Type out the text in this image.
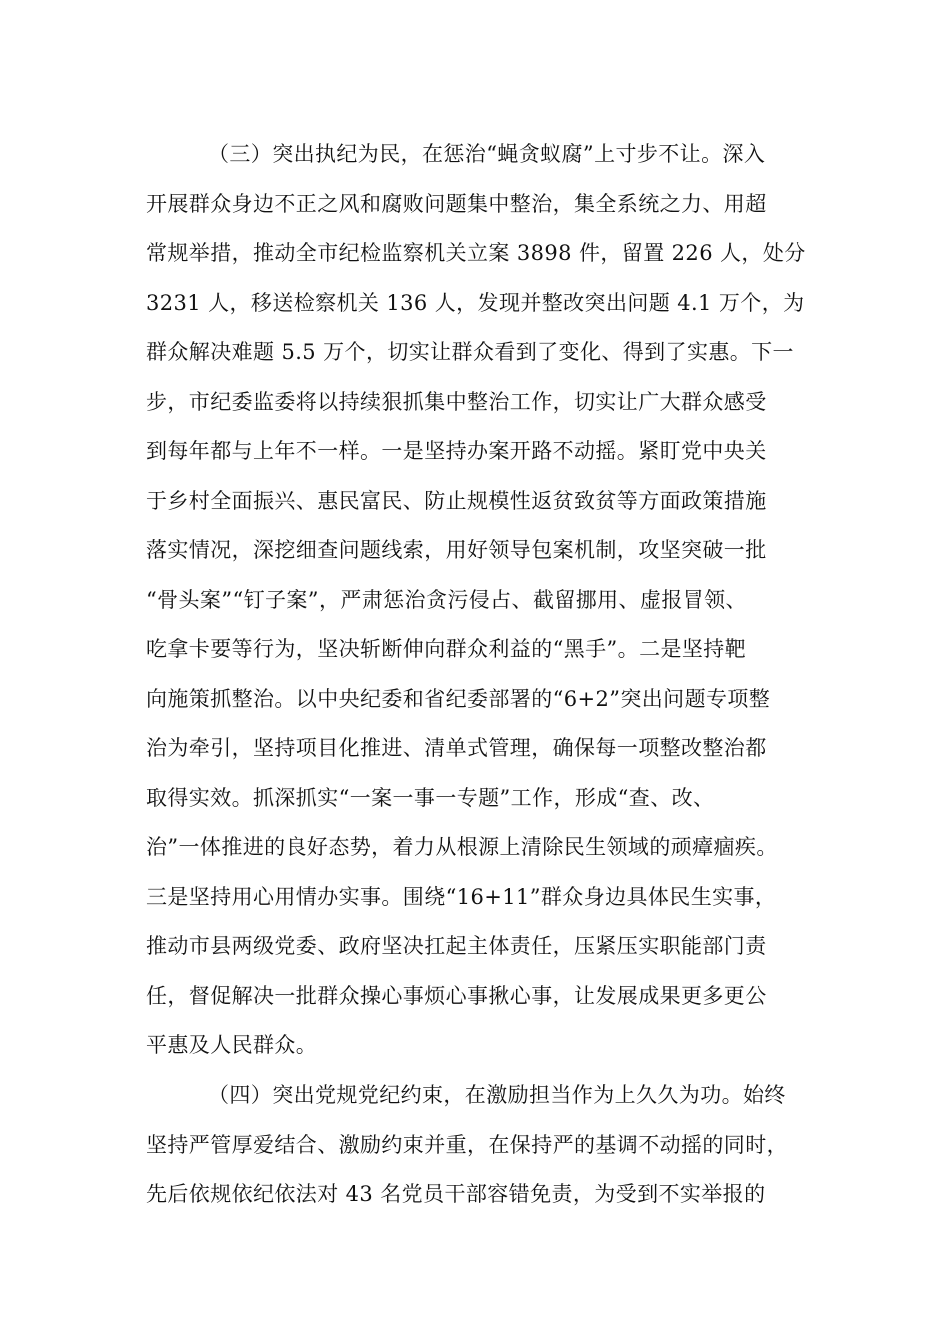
（三）突出执纪为民，在惩治“蝇贪蚁腐”上寸步不让。深入
开展群众身边不正之风和腐败问题集中整治，集全系统之力、用超
常规举措，推动全市纪检监察机关立案 3898 件，留置 226 人，处分
3231 人，移送检察机关 136 人，发现并整改突出问题 4.1 万个，为
群众解决难题 5.5 万个，切实让群众看到了变化、得到了实惠。下一
步，市纪委监委将以持续狠抓集中整治工作，切实让广大群众感受
到每年都与上年不一样。一是坚持办案开路不动摇。紧盯党中央关
于乡村全面振兴、惠民富民、防止规模性返贫致贫等方面政策措施
落实情况，深挖细查问题线索，用好领导包案机制，攻坚突破一批
“骨头案”“钉子案”，严肃惩治贪污侵占、截留挪用、虚报冒领、
吃拿卡要等行为，坚决斩断伸向群众利益的“黑手”。二是坚持靶
向施策抓整治。以中央纪委和省纪委部署的“6+2”突出问题专项整
治为牵引，坚持项目化推进、清单式管理，确保每一项整改整治都
取得实效。抓深抓实“一案一事一专题”工作，形成“查、改、
治”一体推进的良好态势，着力从根源上清除民生领域的顽瘴痼疾。
三是坚持用心用情办实事。围绕“16+11”群众身边具体民生实事，
推动市县两级党委、政府坚决扛起主体责任，压紧压实职能部门责
任，督促解决一批群众操心事烦心事揪心事，让发展成果更多更公
平惠及人民群众。
（四）突出党规党纪约束，在激励担当作为上久久为功。始终
坚持严管厚爱结合、激励约束并重，在保持严的基调不动摇的同时，
先后依规依纪依法对 43 名党员干部容错免责，为受到不实举报的
